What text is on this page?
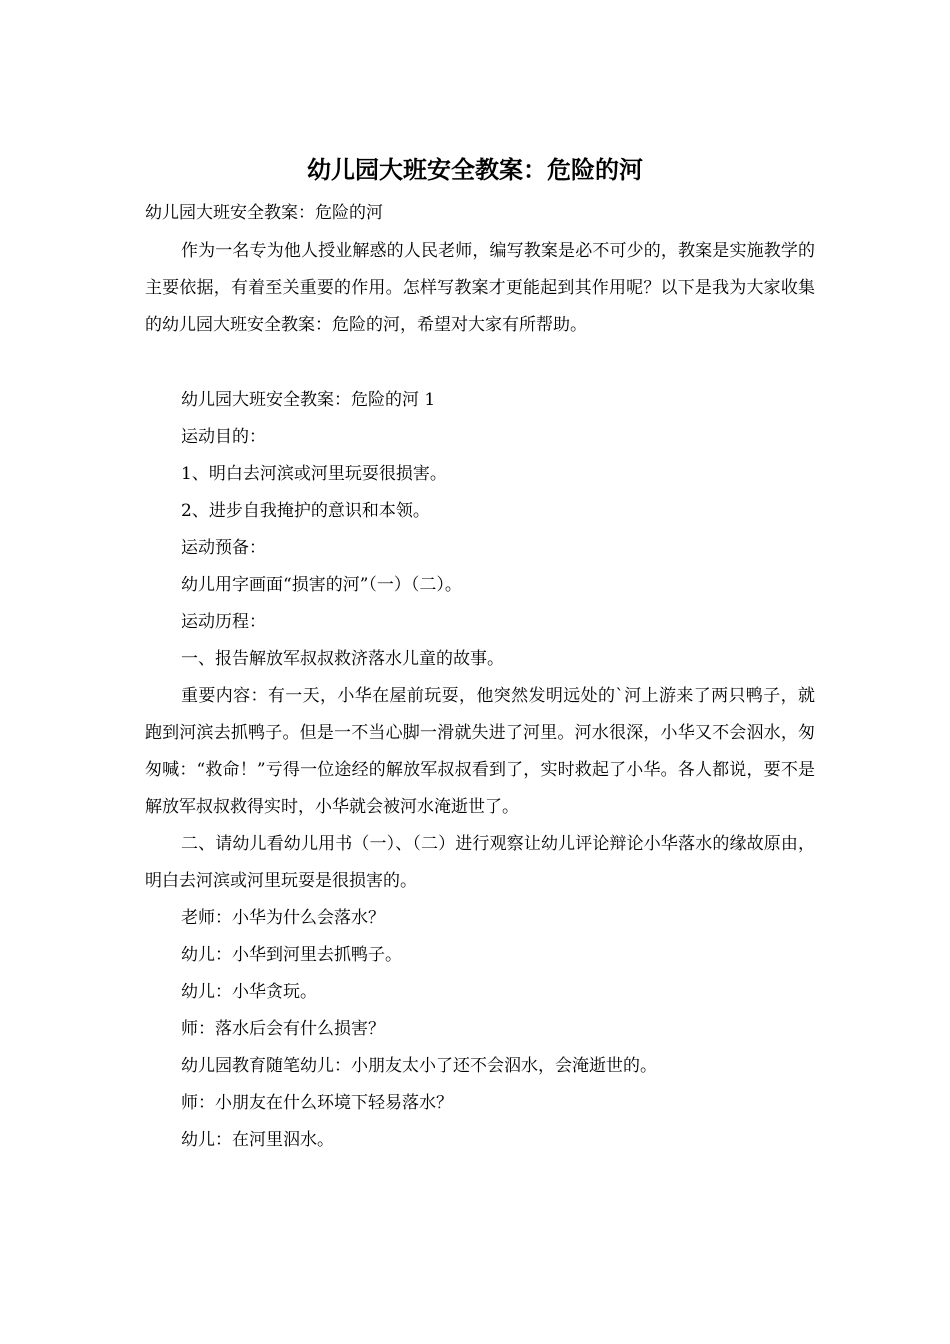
幼儿园大班安全教案：危险的河
幼儿园大班安全教案：危险的河
作为一名专为他人授业解惑的人民老师，编写教案是必不可少的，教案是实施教学的主要依据，有着至关重要的作用。怎样写教案才更能起到其作用呢？以下是我为大家收集的幼儿园大班安全教案：危险的河，希望对大家有所帮助。

幼儿园大班安全教案：危险的河 1

运动目的：

1、明白去河滨或河里玩耍很损害。

2、进步自我掩护的意识和本领。

运动预备：

幼儿用字画面“损害的河”（一）（二）。

运动历程：

一、报告解放军叔叔救济落水儿童的故事。

重要内容：有一天，小华在屋前玩耍，他突然发明远处的`河上游来了两只鸭子，就跑到河滨去抓鸭子。但是一不当心脚一滑就失进了河里。河水很深，小华又不会泅水，匆匆喊：“救命！”亏得一位途经的解放军叔叔看到了，实时救起了小华。各人都说，要不是解放军叔叔救得实时，小华就会被河水淹逝世了。

二、请幼儿看幼儿用书（一）、（二）进行观察让幼儿评论辩论小华落水的缘故原由，明白去河滨或河里玩耍是很损害的。

老师：小华为什么会落水？

幼儿：小华到河里去抓鸭子。

幼儿：小华贪玩。

师：落水后会有什么损害？

幼儿园教育随笔幼儿：小朋友太小了还不会泅水，会淹逝世的。

师：小朋友在什么环境下轻易落水？

幼儿：在河里泅水。
